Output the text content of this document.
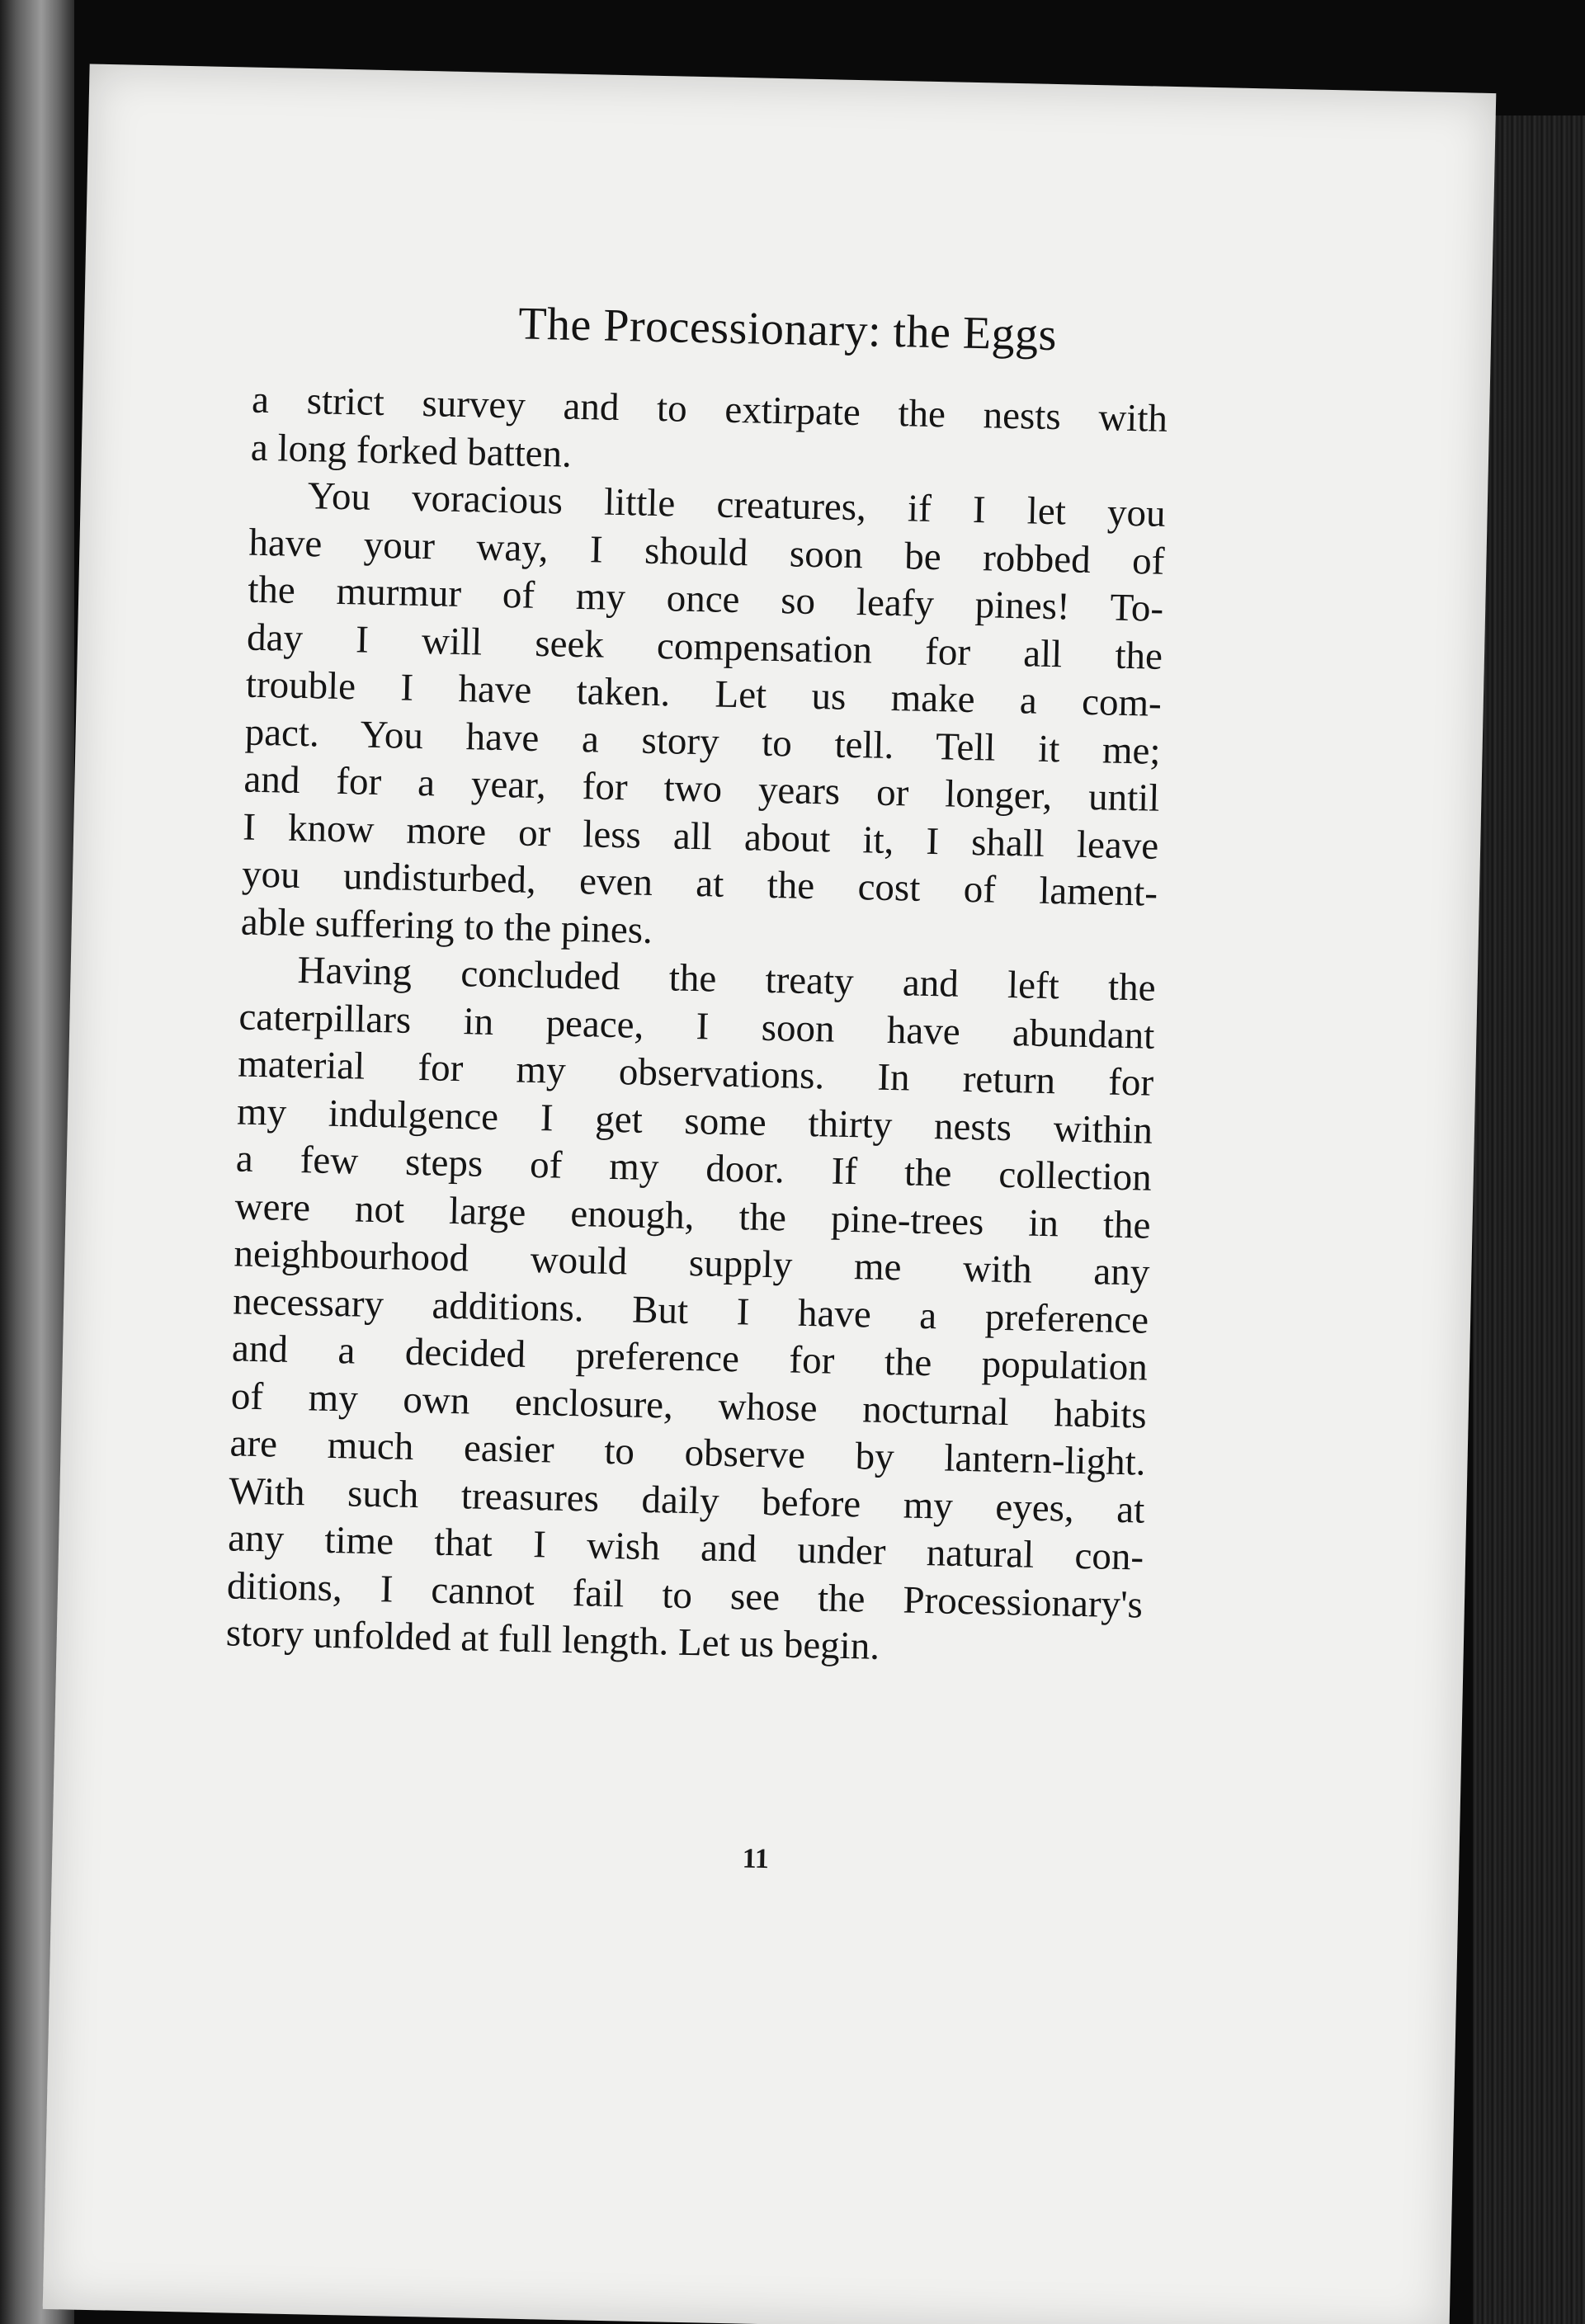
The Processionary: the Eggs
a strict survey and to extirpate the nests with
a long forked batten.
You voracious little creatures, if I let you
have your way, I should soon be robbed of
the murmur of my once so leafy pines! To-
day I will seek compensation for all the
trouble I have taken. Let us make a com-
pact. You have a story to tell. Tell it me;
and for a year, for two years or longer, until
I know more or less all about it, I shall leave
you undisturbed, even at the cost of lament-
able suffering to the pines.
Having concluded the treaty and left the
caterpillars in peace, I soon have abundant
material for my observations. In return for
my indulgence I get some thirty nests within
a few steps of my door. If the collection
were not large enough, the pine-trees in the
neighbourhood would supply me with any
necessary additions. But I have a preference
and a decided preference for the population
of my own enclosure, whose nocturnal habits
are much easier to observe by lantern-light.
With such treasures daily before my eyes, at
any time that I wish and under natural con-
ditions, I cannot fail to see the Processionary's
story unfolded at full length. Let us begin.
11
